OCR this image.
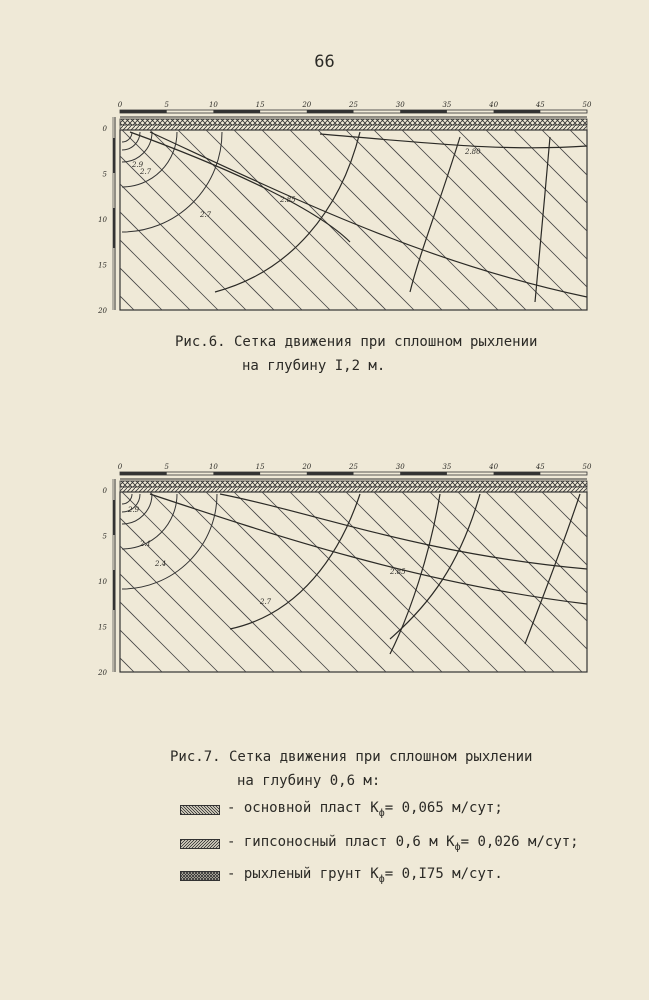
66
0	5	10	15	20	25	30	35	40	45	50
0
5
10
15
20
2.9
2.7
2.85
2.80
2.7
Рис.6. Сетка движения при сплошном рыхлении
на глубину I,2 м.
0	5	10	15	20	25	30	35	40	45	50
0
5
10
15
20
2.9
2.1
2.4
2.7
2.85
Рис.7. Сетка движения при сплошном рыхлении
на глубину 0,6 м:
- основной пласт $К_ф= 0,065$ м/сут;
- гипсоносный пласт 0,6 м $К_ф= 0,026$ м/сут;
- рыхленый грунт $К_ф= 0,I75$ м/сут.
